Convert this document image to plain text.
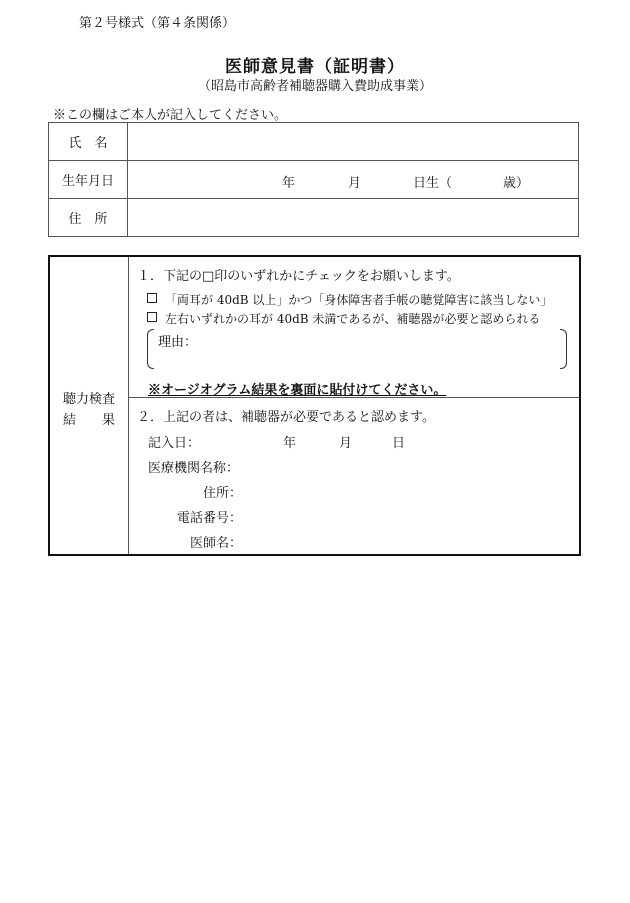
第２号様式（第４条関係）
医師意見書（証明書）
（昭島市高齢者補聴器購入費助成事業）
※この欄はご本人が記入してください。
氏　名	
生年月日	年 月 日生（ 歳）

住　所	
聴力検査
結　　果
１．下記の□印のいずれかにチェックをお願いします。
「両耳が 40dB 以上」かつ「身体障害者手帳の聴覚障害に該当しない」
左右いずれかの耳が 40dB 未満であるが、補聴器が必要と認められる
理由：
※オージオグラム結果を裏面に貼付けてください。
２．上記の者は、補聴器が必要であると認めます。
記入日：	年	月	日
医療機関名称：
住所：
電話番号：
医師名：
